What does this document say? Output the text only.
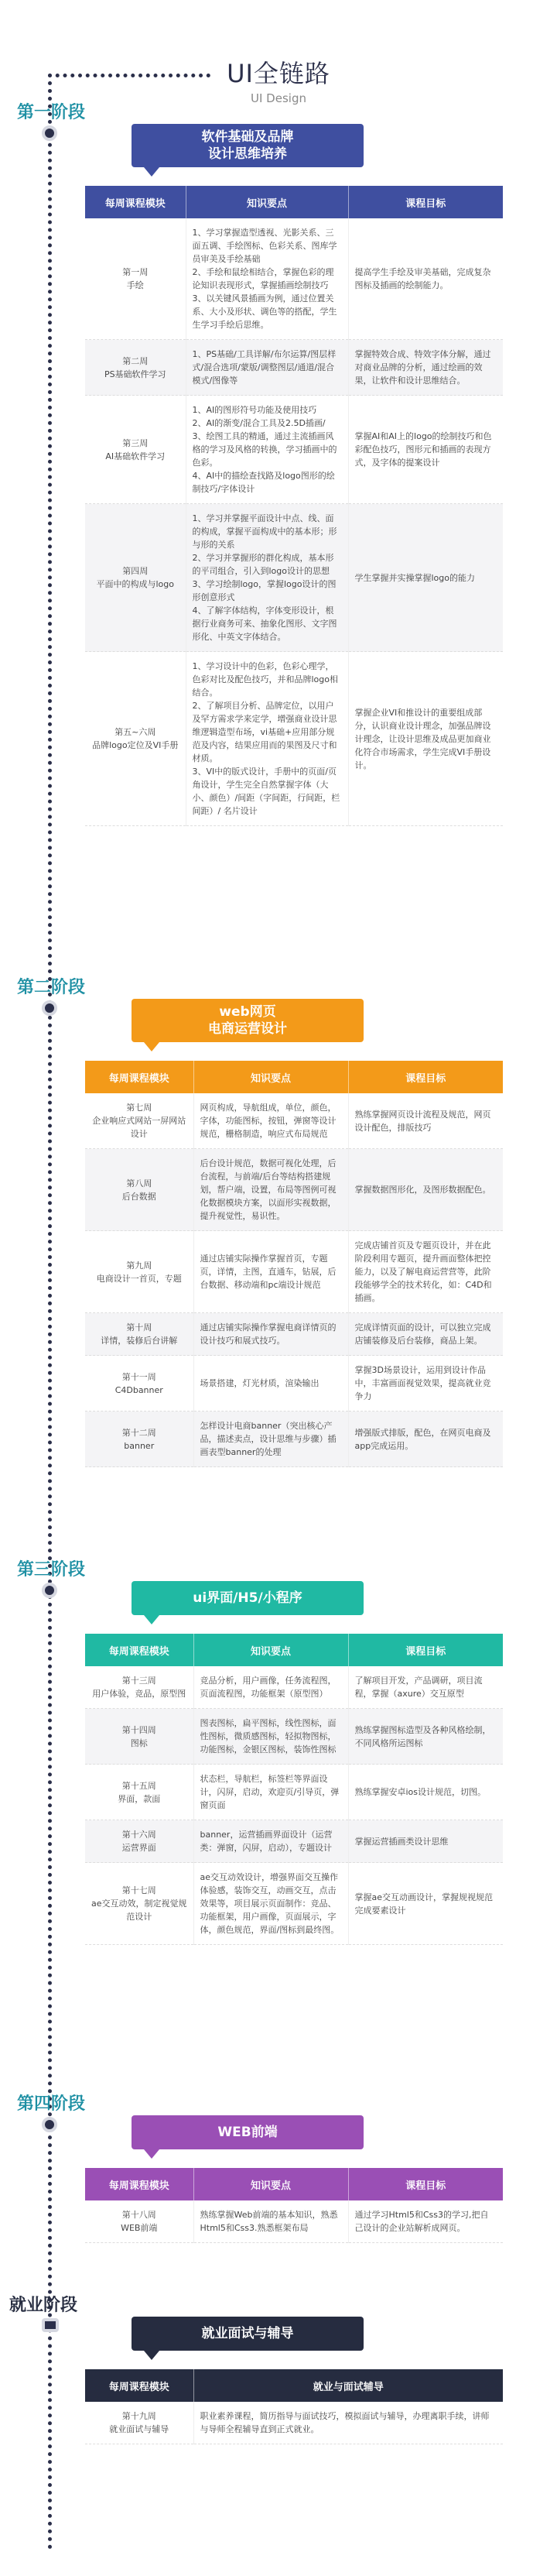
UI全链路
UI Design
第一阶段
软件基础及品牌
设计思维培养
每周课程模块	知识要点	课程目标

第一周
手绘	1、学习掌握造型透视、光影关系、三面五调、手绘图标、色彩关系、图库学员审美及手绘基础
2、手绘和鼠绘相结合，掌握色彩的理论知识表现形式，掌握插画绘制技巧
3、以关键风景插画为例，通过位置关系、大小及形状、调色等的搭配，学生生学习手绘后思维。	提高学生手绘及审美基础，完成复杂图标及插画的绘制能力。

第二周
PS基础软件学习	1、PS基础/工具详解/布尔运算/图层样式/混合选项/蒙版/调整图层/通道/混合模式/图像等	掌握特效合成、特效字体分解，通过对商业品牌的分析，通过绘画的效果，让软件和设计思维结合。

第三周
AI基础软件学习	1、AI的图形符号功能及使用技巧
2、AI的渐变/混合工具及2.5D插画/
3、绘图工具的精通，通过主流插画风格的学习及风格的转换，学习插画中的色彩。
4、AI中的描绘查找路及logo图形的绘制技巧/字体设计	掌握AI和AI上的logo的绘制技巧和色彩配色技巧，图形元和插画的表现方式，及字体的提案设计

第四周
平面中的构成与logo	1、学习并掌握平面设计中点、线、面的构成，掌握平面构成中的基本形；形与形的关系
2、学习并掌握形的群化构成，基本形的平司组合，引入到logo设计的思想
3、学习绘制logo，掌握logo设计的图形创意形式
4、了解字体结构，字体变形设计，根据行业商务可来、抽象化图形、文字图形化、中英文字体结合。	学生掌握并实操掌握logo的能力

第五~六周
品牌logo定位及VI手册	1、学习设计中的色彩，色彩心理学，色彩对比及配色技巧，并和品牌logo相结合。
2、了解项目分析、品牌定位，以用户及罕方需求学来定学，增强商业设计思维逻辑造型布场，vi基础+应用部分规范及内容，结果应用而的果图及尺寸和材质。
3、VI中的版式设计，手册中的页面/页角设计，学生完全自然掌握字体（大小、颜色）/间距（字间距，行间距，栏间距）/ 名片设计	掌握企业VI和推设计的重要组成部分，认识商业设计理念，加强品牌设计理念，让设计思维及成品更加商业化符合市场需求，学生完成VI手册设计。
第二阶段
web网页
电商运营设计
每周课程模块	知识要点	课程目标

第七周
企业响应式网站一屏网站设计	网页构成，导航组成，单位，颜色，字体，功能图标，按钮，弹窗等设计规范，栅格制造，响应式布局规范	熟练掌握网页设计流程及规范，网页设计配色，排版技巧

第八周
后台数据	后台设计规范，数据可视化处理，后台流程，与前端/后台等结构搭建规划，帮户端，设置，布局等图例可视化数据模块方案，以面形实视数据，提升视觉性，易识性。	掌握数据图形化，及图形数据配色。

第九周
电商设计一首页，专题	通过店铺实际操作掌握首页，专题页，详情，主图，直通车，钻展，后台数据、移动端和pc端设计规范	完成店铺首页及专题页设计，并在此阶段利用专题页，提升画面整体把控能力，以及了解电商运营营等，此阶段能够学全的技术转化，如：C4D和插画。

第十周
详情，装修后台讲解	通过店铺实际操作掌握电商详情页的设计技巧和展式技巧。	完成详情页面的设计，可以独立完成店铺装修及后台装修，商品上架。

第十一周
C4Dbanner	场景搭建，灯光材质，渲染输出	掌握3D场景设计，运用到设计作品中，丰富画面视觉效果，提高就业竞争力

第十二周
banner	怎样设计电商banner（突出核心产品，描述卖点，设计思维与步骤）插画表型banner的处理	增强版式排版，配色，在网页电商及app完成运用。
第三阶段
ui界面/H5/小程序
每周课程模块	知识要点	课程目标

第十三周
用户体验，竞品，原型图	竞品分析，用户画像，任务流程图，页面流程图，功能框架（原型图）	了解项目开发，产品调研，项目流程，掌握（axure）交互原型

第十四周
图标	图表图标，扁平图标，线性图标，面性图标，微质感图标，轻拟物图标，功能图标，金银区图标，装饰性图标	熟练掌握图标造型及各种风格绘制，不同风格所运图标

第十五周
界面，款面	状态栏，导航栏，标签栏等界面设计，闪屏，启动，欢迎页/引导页，弹窗页面	熟练掌握安卓ios设计规范，切图。

第十六周
运营界面	banner，运营插画界面设计（运营类：弹窗，闪屏，启动），专题设计	掌握运营插画类设计思维

第十七周
ae交互动效，制定视觉规范设计	ae交互动效设计，增强界面交互操作体验感，装饰交互，动画交互，点击效果等，项目展示页面制作：竞品、功能框架，用户画像，页面展示，字体，颜色规范，界面/图标到最终图。	掌握ae交互动画设计，掌握规视规范完成要素设计
第四阶段
WEB前端
每周课程模块	知识要点	课程目标

第十八周
WEB前端	熟练掌握Web前端的基本知识，熟悉Html5和Css3.熟悉框架布局	通过学习Html5和Css3的学习,把自己设计的企业站解析成网页。
就业阶段
就业面试与辅导
每周课程模块	就业与面试辅导

第十九周
就业面试与辅导	职业素养课程，简历指导与面试技巧，模拟面试与辅导，办理离职手续，讲师与导师全程辅导直到正式就业。
